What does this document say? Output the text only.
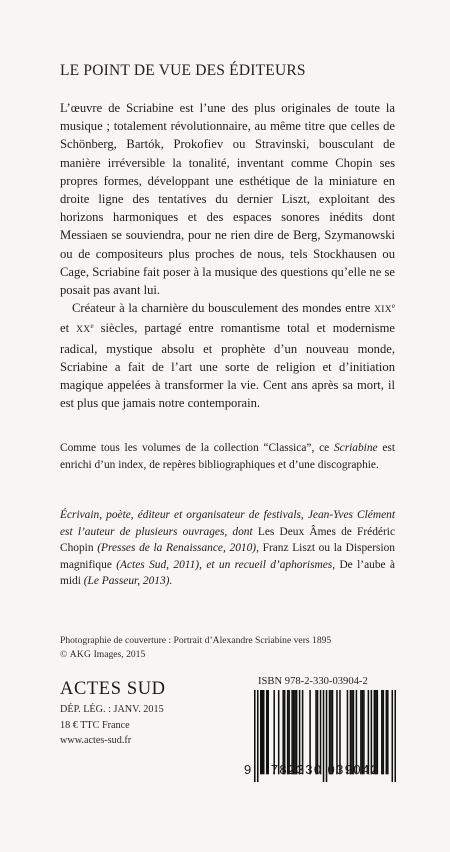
LE POINT DE VUE DES ÉDITEURS

L’œuvre de Scriabine est l’une des plus originales de toute la musique ; totalement révolutionnaire, au même titre que celles de Schönberg, Bartók, Prokofiev ou Stravinski, bousculant de manière irréversible la tonalité, inventant comme Chopin ses propres formes, développant une esthétique de la miniature en droite ligne des tentatives du dernier Liszt, exploitant des horizons harmoniques et des espaces sonores inédits dont Messiaen se souviendra, pour ne rien dire de Berg, Szymanowski ou de compositeurs plus proches de nous, tels Stockhausen ou Cage, Scriabine fait poser à la musique des questions qu’elle ne se posait pas avant lui.

Créateur à la charnière du bousculement des mondes entre XIXe et XXe siècles, partagé entre romantisme total et modernisme radical, mystique absolu et prophète d’un nouveau monde, Scriabine a fait de l’art une sorte de religion et d’initiation magique appelées à transformer la vie. Cent ans après sa mort, il est plus que jamais notre contemporain.

Comme tous les volumes de la collection “Classica”, ce Scriabine est enrichi d’un index, de repères bibliographiques et d’une discographie.

Écrivain, poète, éditeur et organisateur de festivals, Jean-Yves Clément est l’auteur de plusieurs ouvrages, dont Les Deux Âmes de Frédéric Chopin (Presses de la Renaissance, 2010), Franz Liszt ou la Dispersion magnifique (Actes Sud, 2011), et un recueil d’aphorismes, De l’aube à midi (Le Passeur, 2013).

Photographie de couverture : Portrait d’Alexandre Scriabine vers 1895
© AKG Images, 2015
ACTES SUD
DÉP. LÉG. : JANV. 2015
18 € TTC France
www.actes-sud.fr
ISBN 978-2-330-03904-2
9	782330 039042
